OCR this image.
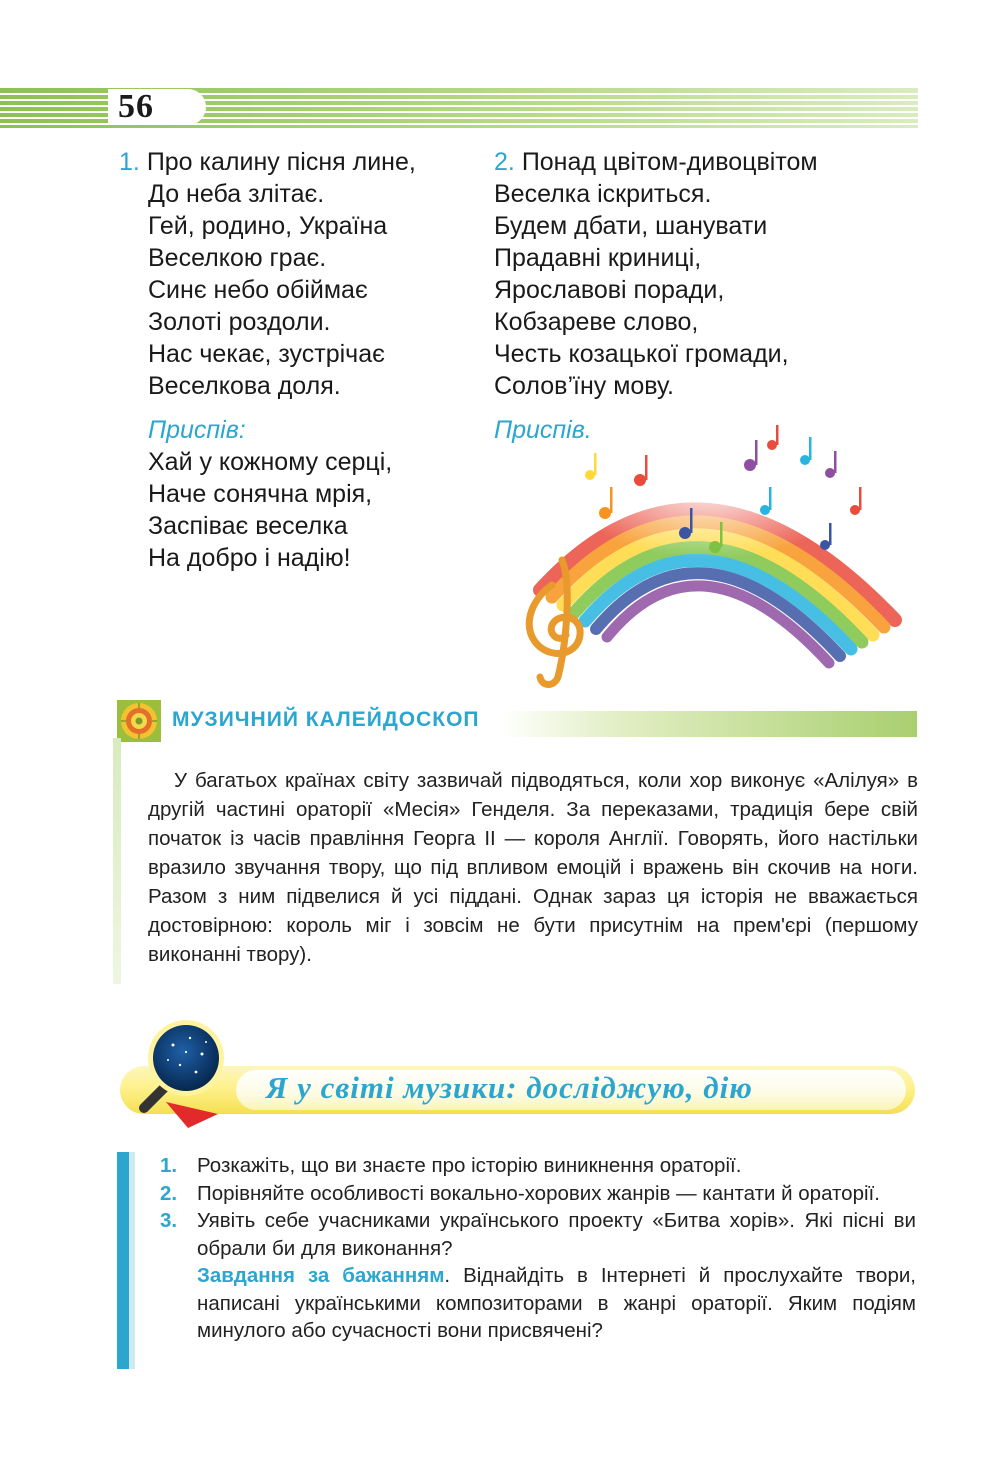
56
1. Про калину пісня лине,
До неба злітає.
Гей, родино, Україна
Веселкою грає.
Синє небо обіймає
Золоті роздоли.
Нас чекає, зустрічає
Веселкова доля.
Приспів:
Хай у кожному серці,
Наче сонячна мрія,
Заспіває веселка
На добро і надію!
2. Понад цвітом-дивоцвітом
Веселка іскриться.
Будем дбати, шанувати
Прадавні криниці,
Ярославові поради,
Кобзареве слово,
Честь козацької громади,
Солов’їну мову.
Приспів.
МУЗИЧНИЙ КАЛЕЙДОСКОП

У багатьох країнах світу зазвичай підводяться, коли хор виконує «Алілуя» в другій частині ораторії «Месія» Генделя. За переказами, традиція бере свій початок із часів правління Георга ІІ — короля Англії. Говорять, його настільки вразило звучання твору, що під впливом емоцій і вражень він скочив на ноги. Разом з ним підвелися й усі піддані. Однак зараз ця історія не вважається достовірною: король міг і зовсім не бути присутнім на прем'єрі (першому виконанні твору).

Я у світі музики: досліджую, дію
1. Розкажіть, що ви знаєте про історію виникнення ораторії.
2. Порівняйте особливості вокально-хорових жанрів — кантати й ораторії.
3. Уявіть себе учасниками українського проекту «Битва хорів». Які пісні ви обрали би для виконання?
Завдання за бажанням. Віднайдіть в Інтернеті й прослухайте твори, написані українськими композиторами в жанрі ораторії. Яким подіям минулого або сучасності вони присвячені?
